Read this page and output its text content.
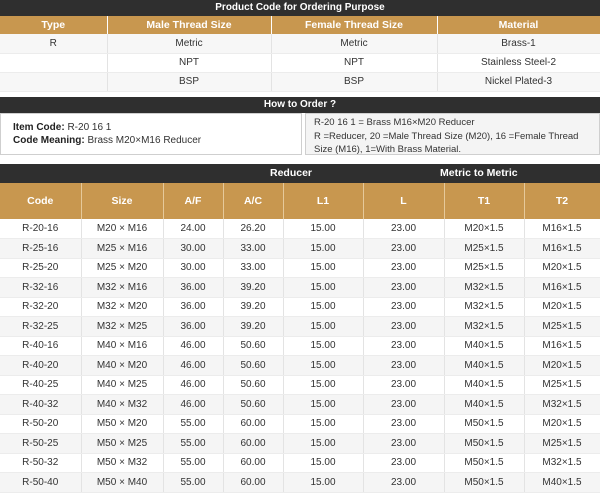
Product Code for Ordering Purpose
Type	Male Thread Size	Female Thread Size	Material
R	Metric	Metric	Brass-1
	NPT	NPT	Stainless Steel-2
	BSP	BSP	Nickel Plated-3
How to Order ?
Item Code: R-20 16 1
Code Meaning: Brass M20×M16 Reducer
R-20 16 1 = Brass M16×M20 Reducer
R =Reducer, 20 =Male Thread Size (M20), 16 =Female Thread Size (M16), 1=With Brass Material.
Reducer	Metric to Metric
Code	Size	A/F	A/C	L1	L	T1	T2
R-20-16	M20 × M16	24.00	26.20	15.00	23.00	M20×1.5	M16×1.5
R-25-16	M25 × M16	30.00	33.00	15.00	23.00	M25×1.5	M16×1.5
R-25-20	M25 × M20	30.00	33.00	15.00	23.00	M25×1.5	M20×1.5
R-32-16	M32 × M16	36.00	39.20	15.00	23.00	M32×1.5	M16×1.5
R-32-20	M32 × M20	36.00	39.20	15.00	23.00	M32×1.5	M20×1.5
R-32-25	M32 × M25	36.00	39.20	15.00	23.00	M32×1.5	M25×1.5
R-40-16	M40 × M16	46.00	50.60	15.00	23.00	M40×1.5	M16×1.5
R-40-20	M40 × M20	46.00	50.60	15.00	23.00	M40×1.5	M20×1.5
R-40-25	M40 × M25	46.00	50.60	15.00	23.00	M40×1.5	M25×1.5
R-40-32	M40 × M32	46.00	50.60	15.00	23.00	M40×1.5	M32×1.5
R-50-20	M50 × M20	55.00	60.00	15.00	23.00	M50×1.5	M20×1.5
R-50-25	M50 × M25	55.00	60.00	15.00	23.00	M50×1.5	M25×1.5
R-50-32	M50 × M32	55.00	60.00	15.00	23.00	M50×1.5	M32×1.5
R-50-40	M50 × M40	55.00	60.00	15.00	23.00	M50×1.5	M40×1.5
